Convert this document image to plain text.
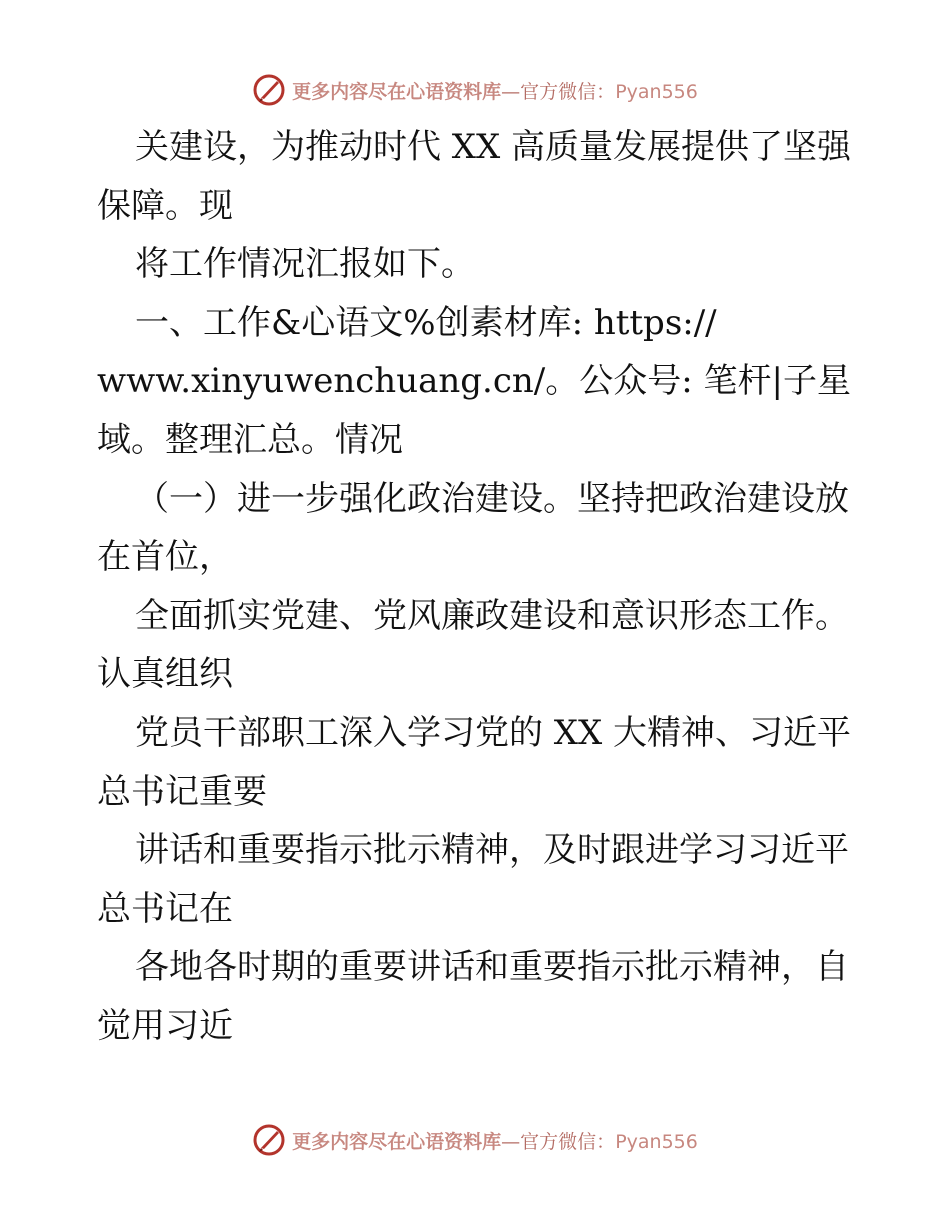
更多内容尽在心语资料库—官方微信：Pyan556
关建设，为推动时代 XX 高质量发展提供了坚强
保障。现
将工作情况汇报如下。
一、工作&心语文%创素材库: https://
www.xinyuwenchuang.cn/。公众号: 笔杆|子星
域。整理汇总。情况
（一）进一步强化政治建设。坚持把政治建设放
在首位，
全面抓实党建、党风廉政建设和意识形态工作。
认真组织
党员干部职工深入学习党的 XX 大精神、习近平
总书记重要
讲话和重要指示批示精神，及时跟进学习习近平
总书记在
各地各时期的重要讲话和重要指示批示精神，自
觉用习近
更多内容尽在心语资料库—官方微信：Pyan556
